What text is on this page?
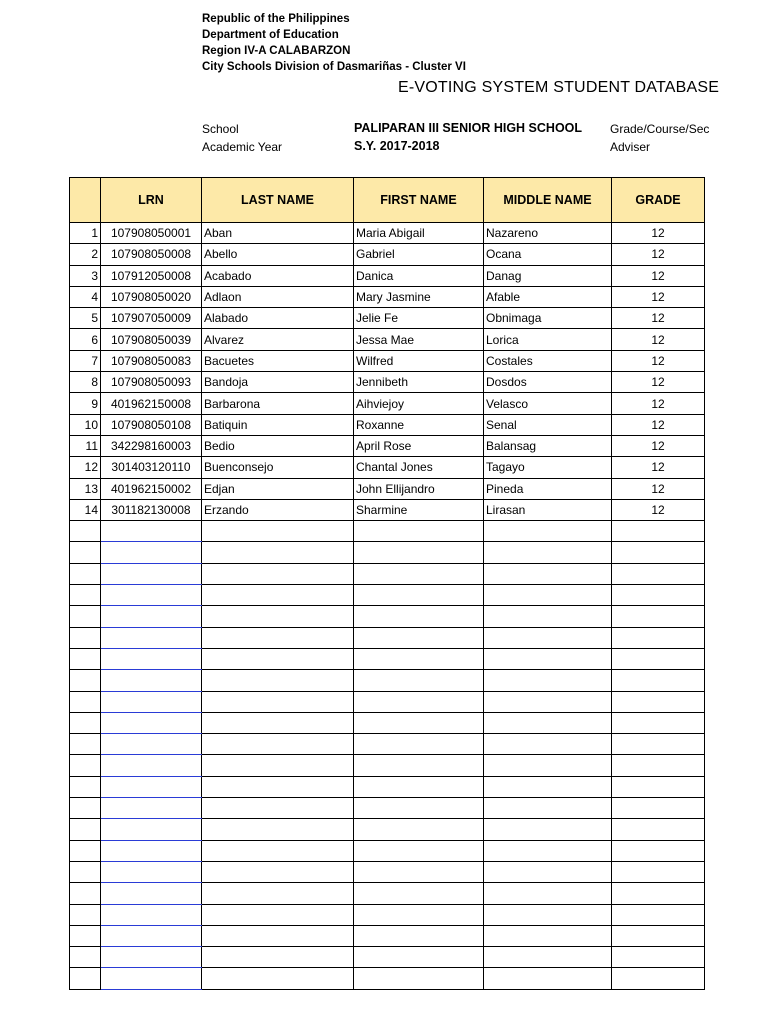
Republic of the Philippines
Department of Education
Region IV-A CALABARZON
City Schools Division of Dasmariñas - Cluster VI
E-VOTING SYSTEM STUDENT DATABASE
School	PALIPARAN III SENIOR HIGH SCHOOL Grade/Course/Sec
Academic Year	S.Y. 2017-2018	Adviser
	LRN	LAST NAME	FIRST NAME	MIDDLE NAME	GRADE
1	107908050001	Aban	Maria Abigail	Nazareno	12
2	107908050008	Abello	Gabriel	Ocana	12
3	107912050008	Acabado	Danica	Danag	12
4	107908050020	Adlaon	Mary Jasmine	Afable	12
5	107907050009	Alabado	Jelie Fe	Obnimaga	12
6	107908050039	Alvarez	Jessa Mae	Lorica	12
7	107908050083	Bacuetes	Wilfred	Costales	12
8	107908050093	Bandoja	Jennibeth	Dosdos	12
9	401962150008	Barbarona	Aihviejoy	Velasco	12
10	107908050108	Batiquin	Roxanne	Senal	12
11	342298160003	Bedio	April Rose	Balansag	12
12	301403120110	Buenconsejo	Chantal Jones	Tagayo	12
13	401962150002	Edjan	John Ellijandro	Pineda	12
14	301182130008	Erzando	Sharmine	Lirasan	12
